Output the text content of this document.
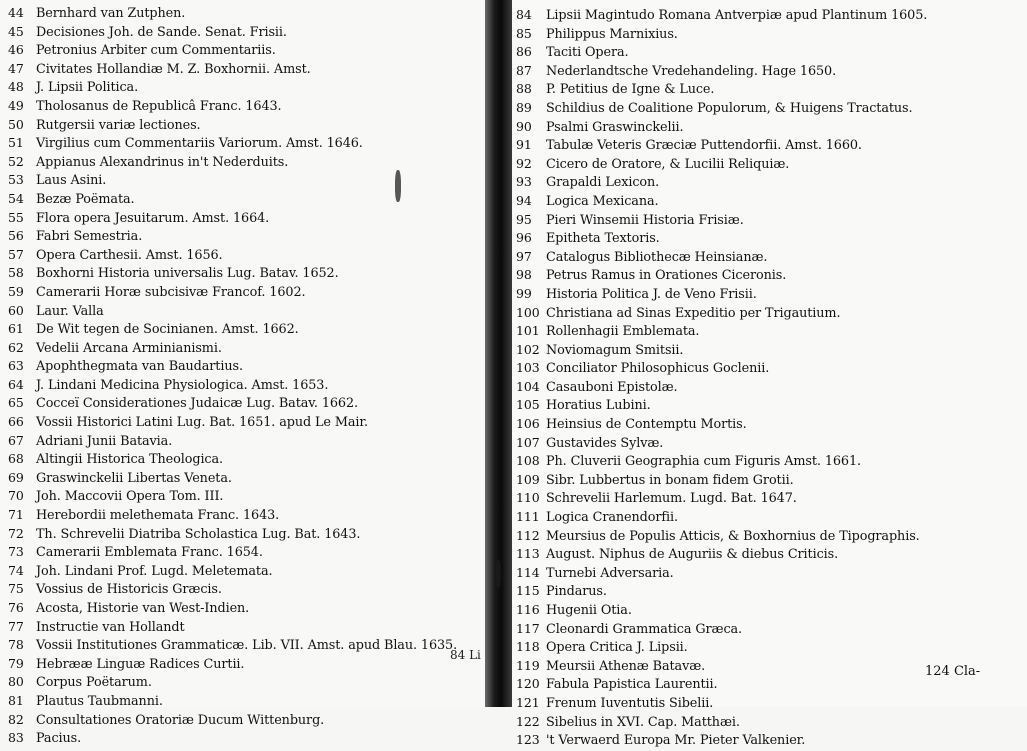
44 Bernhard van Zutphen.
45 Decisiones Joh. de Sande. Senat. Frisii.
46 Petronius Arbiter cum Commentariis.
47 Civitates Hollandiæ M. Z. Boxhornii. Amst.
48 J. Lipsii Politica.
49 Tholosanus de Republicâ Franc. 1643.
50 Rutgersii variæ lectiones.
51 Virgilius cum Commentariis Variorum. Amst. 1646.
52 Appianus Alexandrinus in't Nederduits.
53 Laus Asini.
54 Bezæ Poëmata.
55 Flora opera Jesuitarum. Amst. 1664.
56 Fabri Semestria.
57 Opera Carthesii. Amst. 1656.
58 Boxhorni Historia universalis Lug. Batav. 1652.
59 Camerarii Horæ subcisivæ Francof. 1602.
60 Laur. Valla
61 De Wit tegen de Socinianen. Amst. 1662.
62 Vedelii Arcana Arminianismi.
63 Apophthegmata van Baudartius.
64 J. Lindani Medicina Physiologica. Amst. 1653.
65 Cocceï Considerationes Judaicæ Lug. Batav. 1662.
66 Vossii Historici Latini Lug. Bat. 1651. apud Le Mair.
67 Adriani Junii Batavia.
68 Altingii Historica Theologica.
69 Graswinckelii Libertas Veneta.
70 Joh. Maccovii Opera Tom. III.
71 Herebordii melethemata Franc. 1643.
72 Th. Schrevelii Diatriba Scholastica Lug. Bat. 1643.
73 Camerarii Emblemata Franc. 1654.
74 Joh. Lindani Prof. Lugd. Meletemata.
75 Vossius de Historicis Græcis.
76 Acosta, Historie van West-Indien.
77 Instructie van Hollandt
78 Vossii Institutiones Grammaticæ. Lib. VII. Amst. apud Blau. 1635.
79 Hebrææ Linguæ Radices Curtii.
80 Corpus Poëtarum.
81 Plautus Taubmanni.
82 Consultationes Oratoriæ Ducum Wittenburg.
83 Pacius.
84 Li
84 Lipsii Magintudo Romana Antverpiæ apud Plantinum 1605.
85 Philippus Marnixius.
86 Taciti Opera.
87 Nederlandtsche Vredehandeling. Hage 1650.
88 P. Petitius de Igne & Luce.
89 Schildius de Coalitione Populorum, & Huigens Tractatus.
90 Psalmi Graswinckelii.
91 Tabulæ Veteris Græciæ Puttendorfii. Amst. 1660.
92 Cicero de Oratore, & Lucilii Reliquiæ.
93 Grapaldi Lexicon.
94 Logica Mexicana.
95 Pieri Winsemii Historia Frisiæ.
96 Epitheta Textoris.
97 Catalogus Bibliothecæ Heinsianæ.
98 Petrus Ramus in Orationes Ciceronis.
99 Historia Politica J. de Veno Frisii.
100 Christiana ad Sinas Expeditio per Trigautium.
101 Rollenhagii Emblemata.
102 Noviomagum Smitsii.
103 Conciliator Philosophicus Goclenii.
104 Casauboni Epistolæ.
105 Horatius Lubini.
106 Heinsius de Contemptu Mortis.
107 Gustavides Sylvæ.
108 Ph. Cluverii Geographia cum Figuris Amst. 1661.
109 Sibr. Lubbertus in bonam fidem Grotii.
110 Schrevelii Harlemum. Lugd. Bat. 1647.
111 Logica Cranendorfii.
112 Meursius de Populis Atticis, & Boxhornius de Tipographis.
113 August. Niphus de Auguriis & diebus Criticis.
114 Turnebi Adversaria.
115 Pindarus.
116 Hugenii Otia.
117 Cleonardi Grammatica Græca.
118 Opera Critica J. Lipsii.
119 Meursii Athenæ Batavæ.
120 Fabula Papistica Laurentii.
121 Frenum Iuventutis Sibelii.
122 Sibelius in XVI. Cap. Matthæi.
123 't Verwaerd Europa Mr. Pieter Valkenier.
124 Cla-
